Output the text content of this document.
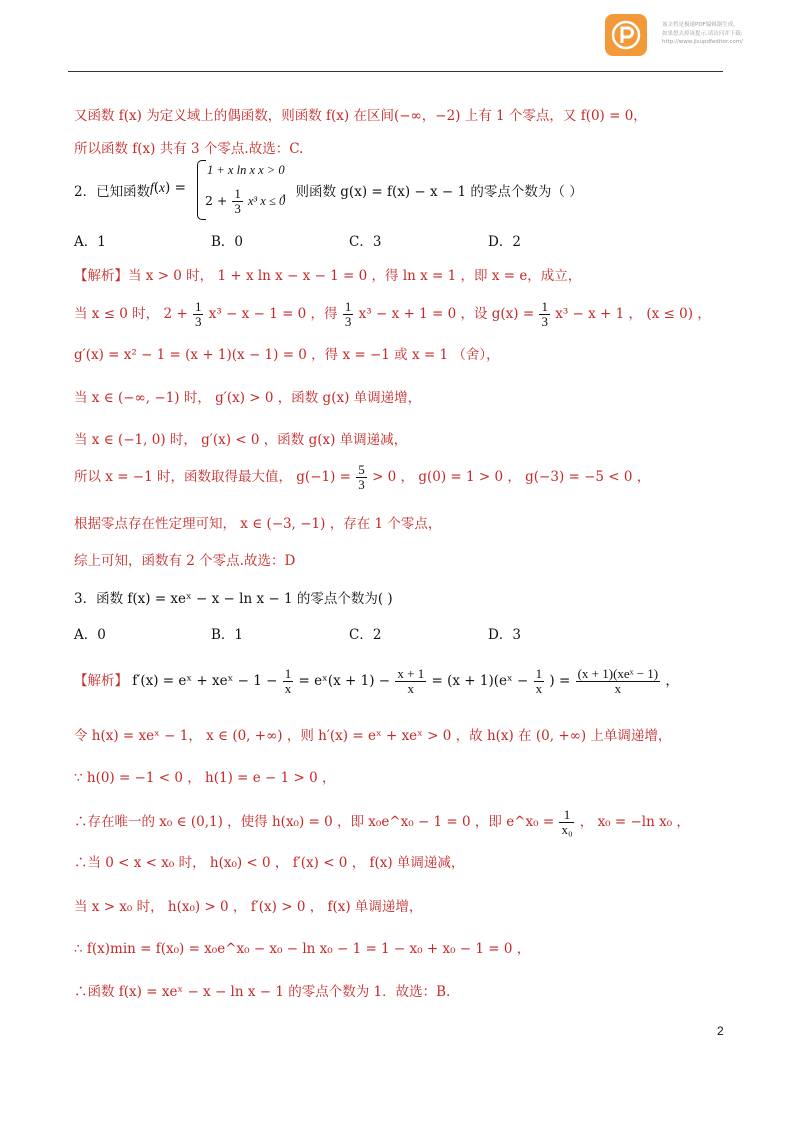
该文档是极速PDF编辑器生成,
如果想去掉该提示,请访问并下载:
http://www.jisupdfeditor.com/
又函数 f(x) 为定义域上的偶函数，则函数 f(x) 在区间(−∞，−2) 上有 1 个零点，又 f(0) = 0，
所以函数 f(x) 共有 3 个零点.故选：C.
2．已知函数 f(x) =
1 + x ln x x > 0
$2 + \frac{1}{3} x^3$ x ≤ 0
，则函数 g(x) = f(x) − x − 1 的零点个数为（ ）
A．1	B．0	C．3	D．2
【解析】当 x > 0 时， 1 + x ln x − x − 1 = 0 ，得 ln x = 1 ，即 x = e，成立，
当 x ≤ 0 时， $2 + \frac{1}{3} x^3 - x - 1 = 0$ ，得 $\frac{1}{3} x^3 - x + 1 = 0$ ，设 $g(x) = \frac{1}{3} x^3 - x + 1$ ， (x ≤ 0) ，
g′(x) = x² − 1 = (x + 1)(x − 1) = 0 ，得 x = −1 或 x = 1 （舍），
当 x ∈ (−∞, −1) 时， g′(x) > 0 ，函数 g(x) 单调递增，
当 x ∈ (−1, 0) 时， g′(x) < 0 ，函数 g(x) 单调递减，
所以 x = −1 时，函数取得最大值， $g(-1) = \frac{5}{3} > 0$ ， g(0) = 1 > 0 ， g(−3) = −5 < 0 ，
根据零点存在性定理可知， x ∈ (−3, −1) ，存在 1 个零点，
综上可知，函数有 2 个零点.故选：D
3．函数 f(x) = xeˣ − x − ln x − 1 的零点个数为( )
A．0	B．1	C．2	D．3
【解析】 f′(x) = eˣ + xeˣ − $1 - \frac{1}{x}$ = eˣ(x + $1) - \frac{x + 1}{x} = (x$ + 1)(eˣ − $\frac{1}{x}$ ) = $\frac{\text{(x + 1)(xeˣ − 1)}}{x}$ ，
令 h(x) = xeˣ − 1， x ∈ (0, +∞) ，则 h′(x) = eˣ + xeˣ > 0 ，故 h(x) 在 (0, +∞) 上单调递增，
∵ h(0) = −1 < 0 ， h(1) = e − 1 > 0 ，
∴存在唯一的 x₀ ∈ (0,1) ，使得 h(x₀) = 0 ，即 x₀e^x₀ − 1 = 0 ，即 e^x₀ = $\frac{1}{\text{x₀}}$ ， x₀ = −ln x₀ ，
∴当 0 < x < x₀ 时， h(x₀) < 0 ， f′(x) < 0 ， f(x) 单调递减，
当 x > x₀ 时， h(x₀) > 0 ， f′(x) > 0 ， f(x) 单调递增，
∴ f(x)min = f(x₀) = x₀e^x₀ − x₀ − ln x₀ − 1 = 1 − x₀ + x₀ − 1 = 0 ，
∴函数 f(x) = xeˣ − x − ln x − 1 的零点个数为 1．故选：B.
2
